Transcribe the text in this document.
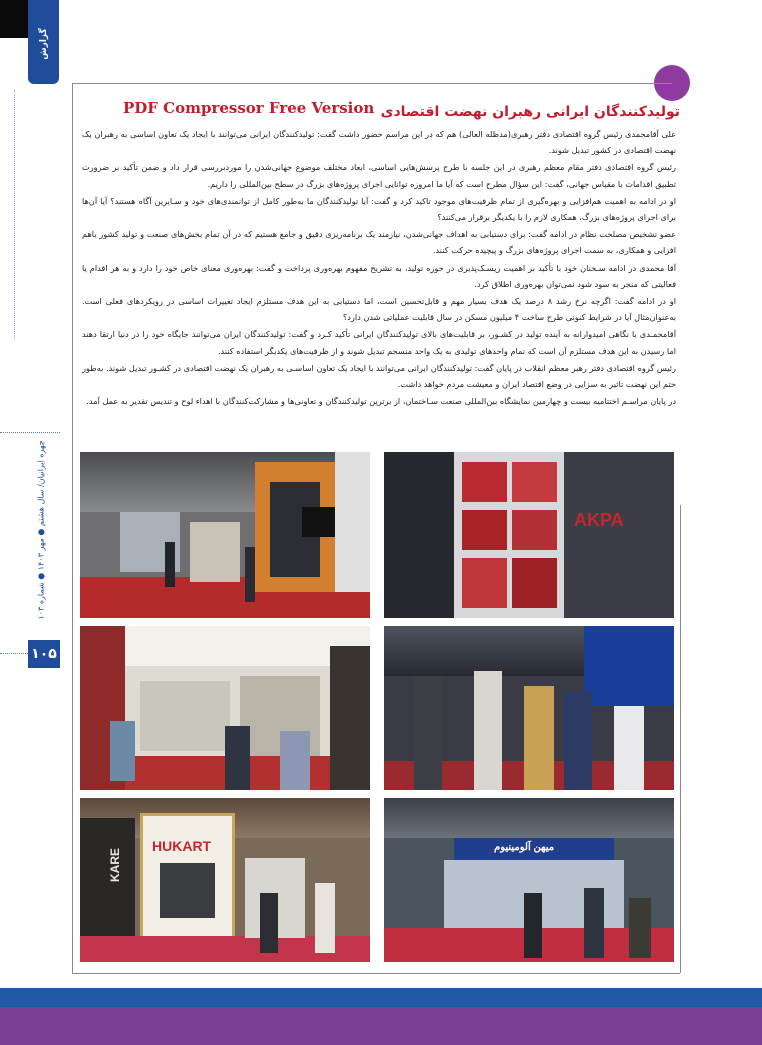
گزارش
چهره‌ ایرانیان/ سال هشتم ● مهر ۱۴۰۳ ● شماره ۱۰۳
۱۰۵
PDF Compressor Free Version تولیدکنندگان ایرانی رهبران نهضت اقتصادی

علی آقامحمدی رئیس گروه اقتصادی دفتر رهبری(مدظله العالی) هم که در این مراسم حضور داشت گفت: تولیدکنندگان ایرانی می‌توانند با ایجاد یک تعاون اساسی به رهبران یک نهضت اقتصادی در کشور تبدیل شوند.

رئیس گروه اقتصادی دفتر مقام معظم رهبری در این جلسه با طرح پرسش‌هایی اساسی، ابعاد مختلف موضوع جهانی‌شدن را موردبررسی قرار داد و ضمن تأکید بر ضرورت تطبیق اقدامات با مقیاس جهانی، گفت: این سؤال مطرح است که آیا ما امروزه توانایی اجرای پروژه‌های بزرگ در سطح بین‌المللی را داریم.

او در ادامه به اهمیت هم‌افزایی و بهره‌گیری از تمام ظرفیت‌های موجود تاکید کرد و گفت: آیا تولیدکنندگان ما به‌طور کامل از توانمندی‌های خود و سـایرین آگاه هستند؟ آیا آن‌ها برای اجرای پروژه‌های بزرگ، همکاری لازم را با یکدیگر برقرار می‌کنند؟

عضو تشخیص مصلحت نظام در ادامه گفت: برای دستیابی به اهداف جهانی‌شدن، نیازمند یک برنامه‌ریزی دقیق و جامع هستیم که در آن تمام بخش‌های صنعت و تولید کشور باهم افزایی و همکاری، به سمت اجرای پروژه‌های بزرگ و پیچیده حرکت کنند.

آقا محمدی در ادامه سـخنان خود با تأکید بر اهمیت ریسـک‌پذیری در حوزه تولید، به تشریح مفهوم بهره‌وری پرداخت و گفت: بهره‌وری معنای خاص خود را دارد و به هر اقدام یا فعالیتی که منجر به سود شود نمی‌توان بهره‌وری اطلاق کرد.

او در ادامه گفت: اگرچه نرخ رشد ۸ درصد یک هدف بسیار مهم و قابل‌تحسین است، اما دستیابی به این هدف مستلزم ایجاد تغییرات اساسی در رویکردهای فعلی است. به‌عنوان‌مثال آیا در شرایط کنونی طرح ساخت ۴ میلیون مسکن در سال قابلیت عملیاتی شدن دارد؟

آقامحمـدی با نگاهی امیدوارانه به آینده تولید در کشـور، بر قابلیت‌های بالای تولیدکنندگان ایرانی تأکید کـرد و گفت: تولیدکنندگان ایران می‌توانند جایگاه خود را در دنیا ارتقا دهند اما رسیدن به این هدف مستلزم آن است که تمام واحدهای تولیدی به یک واحد منسجم تبدیل شوند و از ظرفیت‌های یکدیگر استفاده کنند.

رئیس گروه اقتصادی دفتر رهبر معظم انقلاب در پایان گفت: تولیدکنندگان ایرانی می‌توانند با ایجاد یک تعاون اساسـی به رهبران یک نهضت اقتصادی در کشـور تبدیل شوند. به‌طور حتم این نهضت تاثیر به سزایی در وضع اقتصاد ایران و معیشت مردم خواهد داشت.

در پایان مراسـم اختتامیه بیست و چهارمین نمایشگاه بین‌المللی صنعت سـاختمان، از برترین تولیدکنندگان و تعاونی‌ها و مشارکت‌کنندگان با اهداء لوح و تندیس تقدیر به عمل آمد.

AKPA
KARE
HUKART	میهن آلومینیوم
